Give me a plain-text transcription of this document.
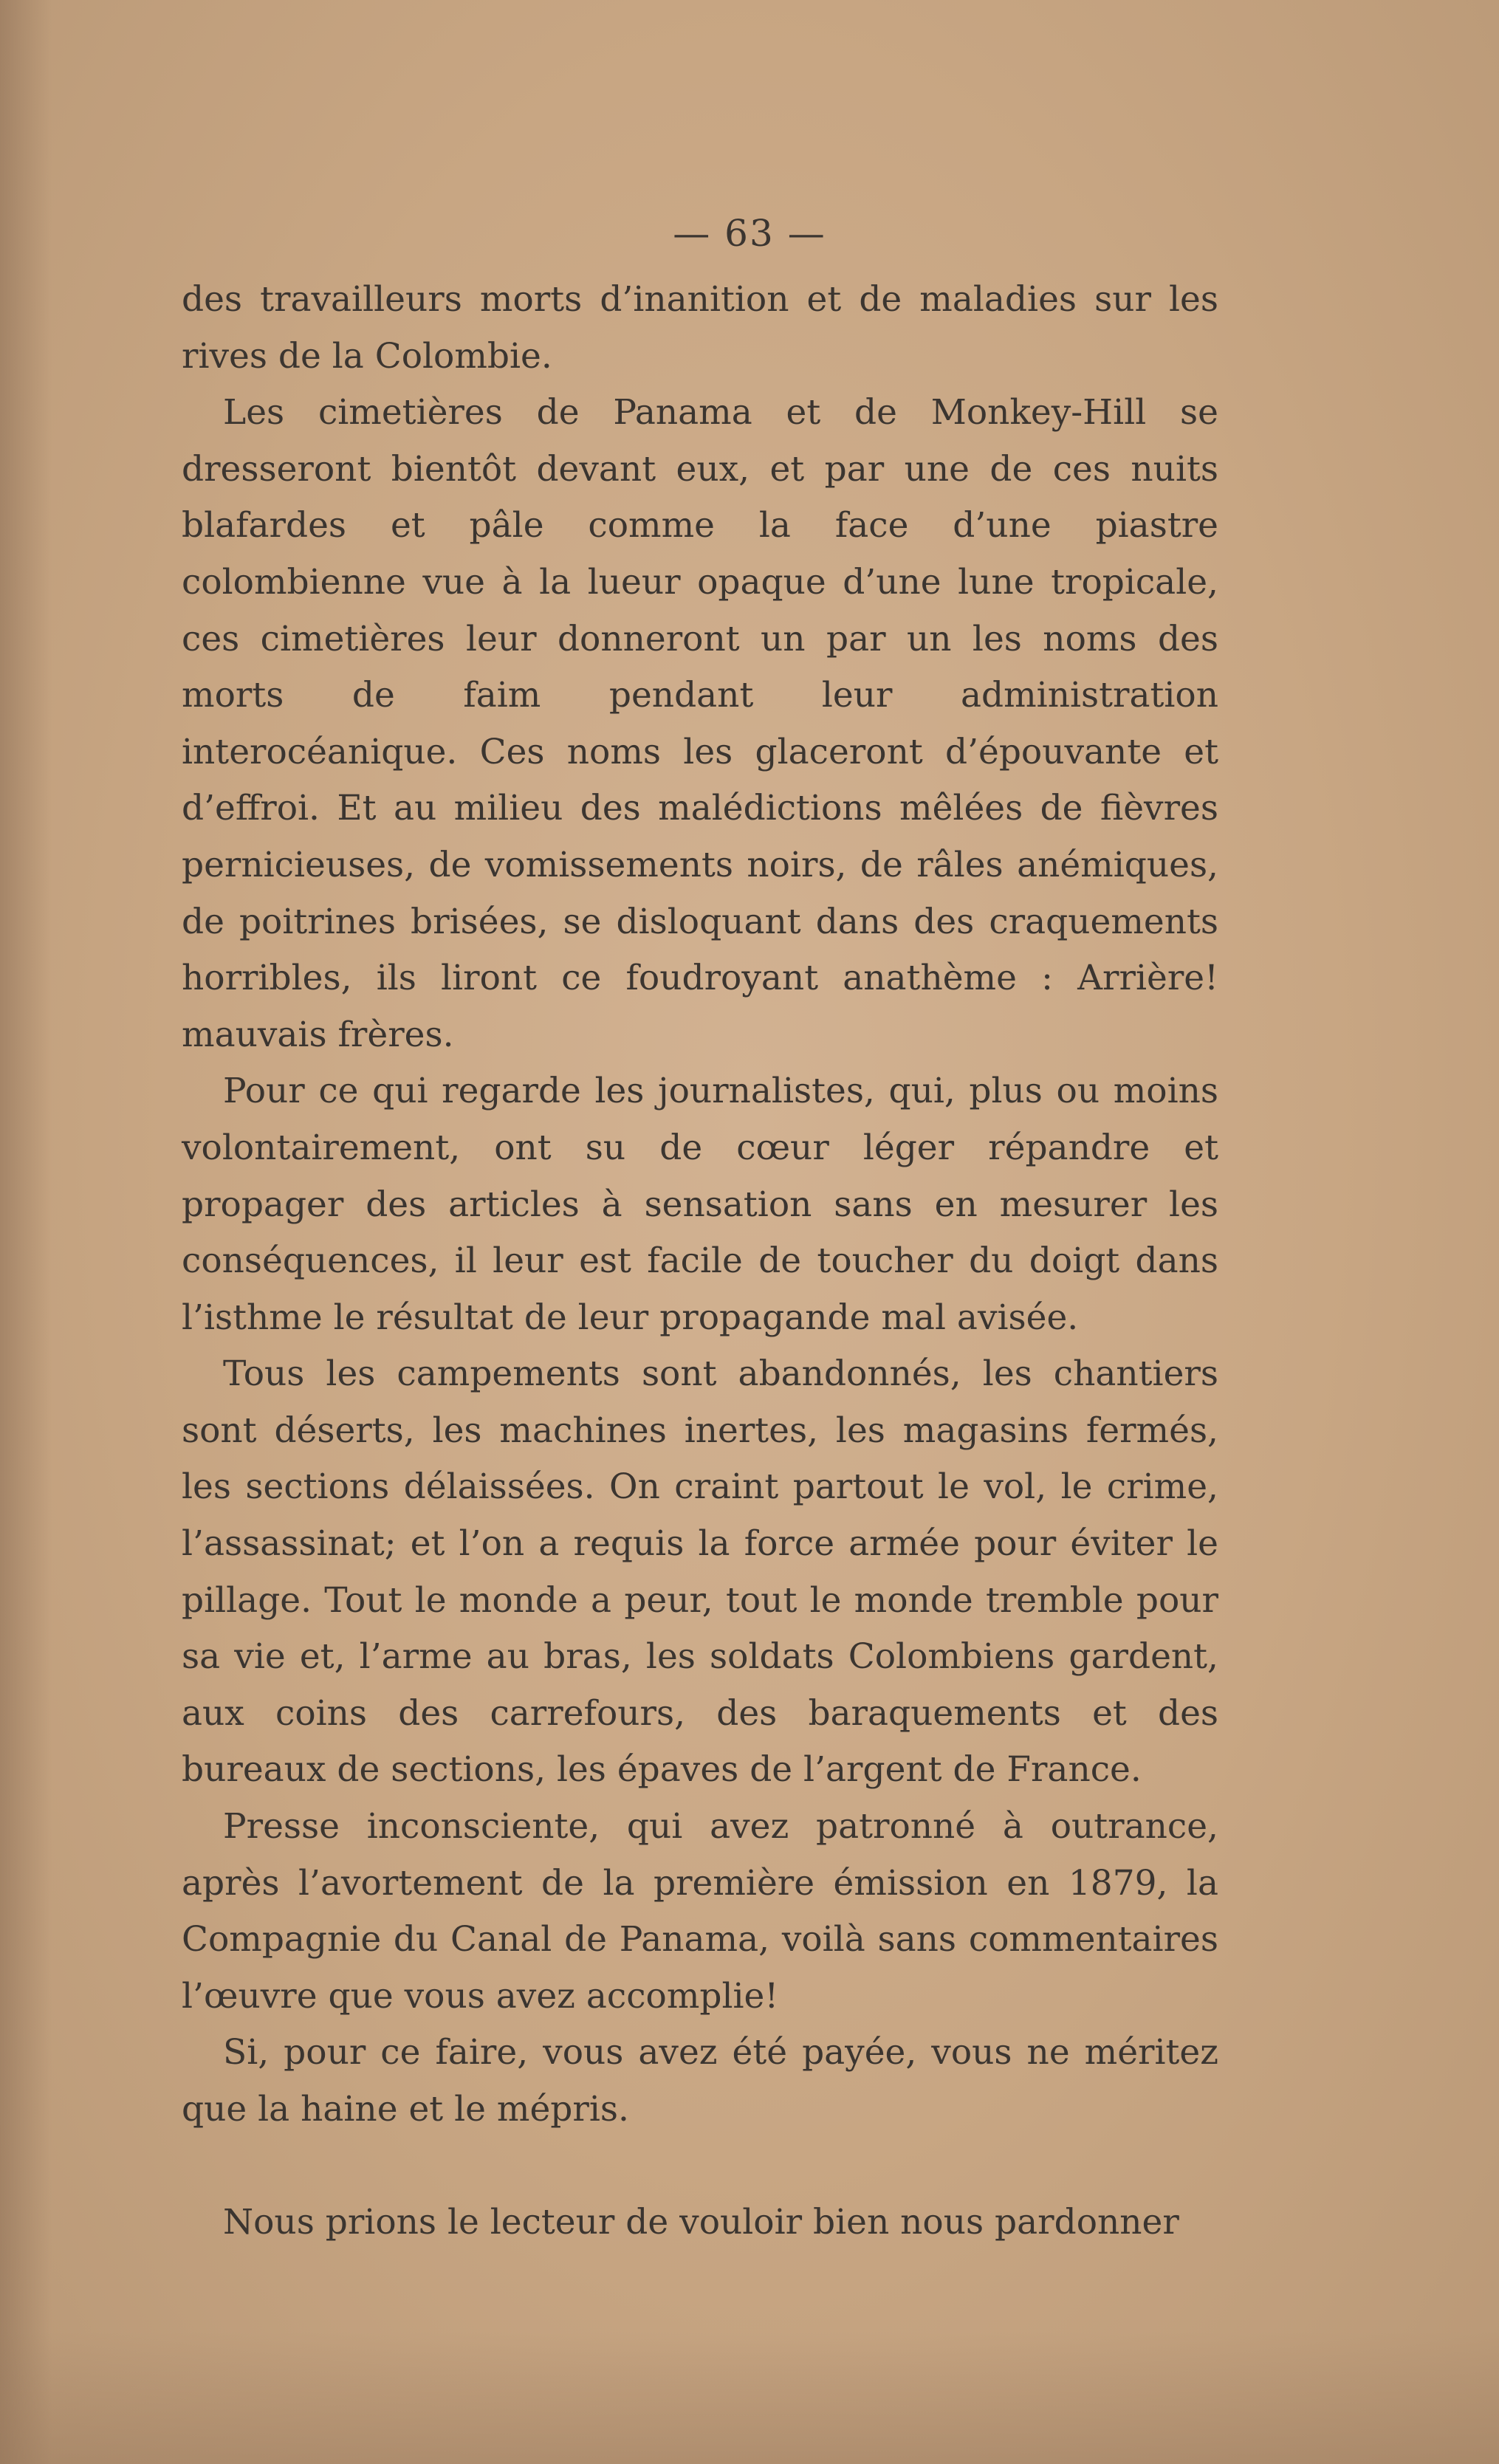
— 63 —

des travailleurs morts d’inanition et de maladies sur les rives de la Colombie.

Les cimetières de Panama et de Monkey-Hill se dresseront bientôt devant eux, et par une de ces nuits blafardes et pâle comme la face d’une piastre colombienne vue à la lueur opaque d’une lune tropicale, ces cimetières leur donneront un par un les noms des morts de faim pendant leur administration interocéanique. Ces noms les glaceront d’épouvante et d’effroi. Et au milieu des malédictions mêlées de fièvres pernicieuses, de vomissements noirs, de râles anémiques, de poitrines brisées, se disloquant dans des craquements horribles, ils liront ce foudroyant anathème : Arrière! mauvais frères.

Pour ce qui regarde les journalistes, qui, plus ou moins volontairement, ont su de cœur léger répandre et propager des articles à sensation sans en mesurer les conséquences, il leur est facile de toucher du doigt dans l’isthme le résultat de leur propagande mal avisée.

Tous les campements sont abandonnés, les chantiers sont déserts, les machines inertes, les magasins fermés, les sections délaissées. On craint partout le vol, le crime, l’assassinat; et l’on a requis la force armée pour éviter le pillage. Tout le monde a peur, tout le monde tremble pour sa vie et, l’arme au bras, les soldats Colombiens gardent, aux coins des carrefours, des baraquements et des bureaux de sections, les épaves de l’argent de France.

Presse inconsciente, qui avez patronné à outrance, après l’avortement de la première émission en 1879, la Compagnie du Canal de Panama, voilà sans commentaires l’œuvre que vous avez accomplie!

Si, pour ce faire, vous avez été payée, vous ne méritez que la haine et le mépris.

Nous prions le lecteur de vouloir bien nous pardonner
